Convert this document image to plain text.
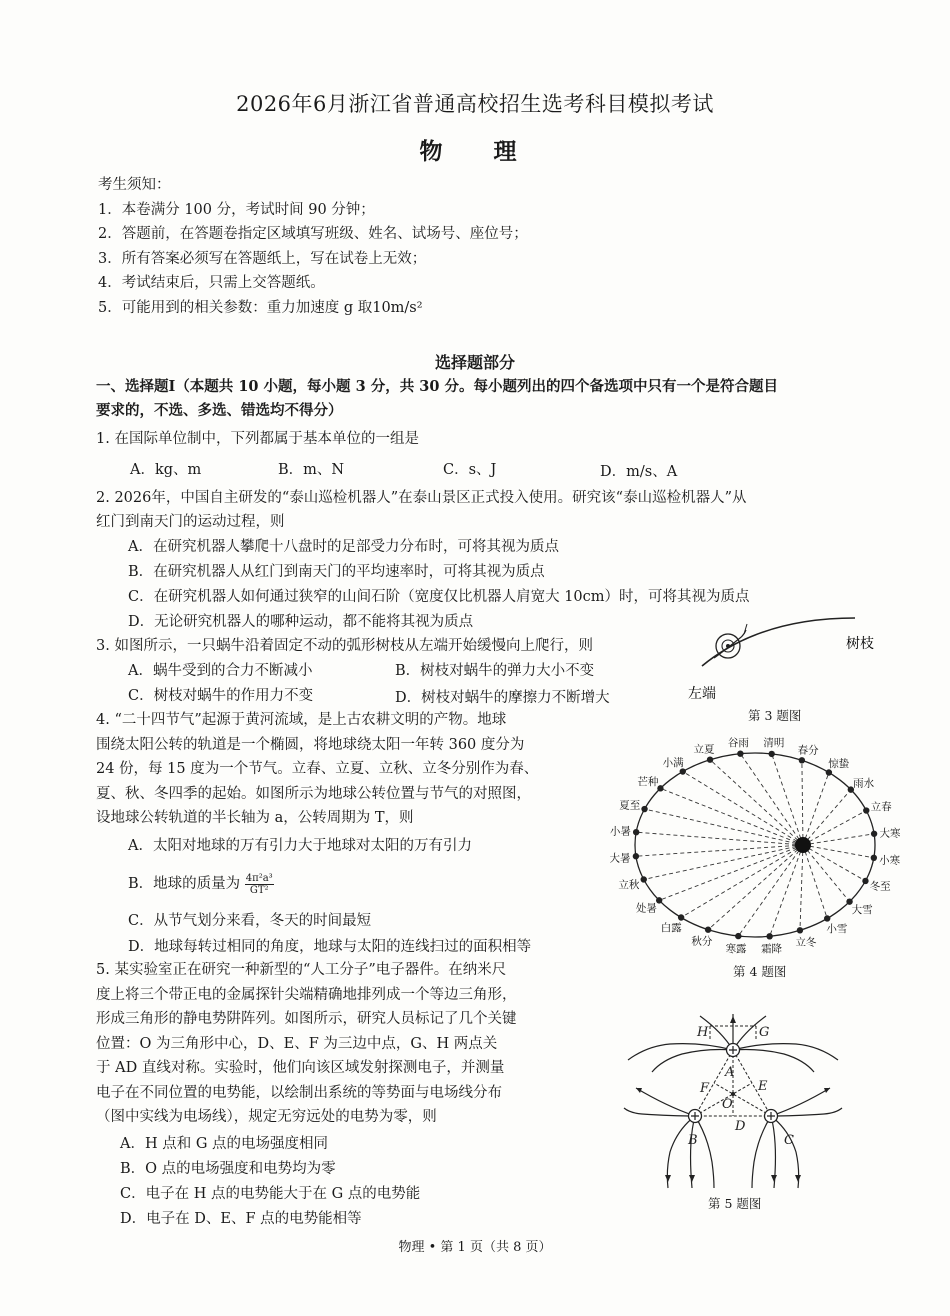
2026年6月浙江省普通高校招生选考科目模拟考试
物　理
考生须知：
1．本卷满分 100 分，考试时间 90 分钟；
2．答题前，在答题卷指定区域填写班级、姓名、试场号、座位号；
3．所有答案必须写在答题纸上，写在试卷上无效；
4．考试结束后，只需上交答题纸。
5．可能用到的相关参数：重力加速度 g 取10m/s²
选择题部分
一、选择题Ⅰ（本题共 10 小题，每小题 3 分，共 30 分。每小题列出的四个备选项中只有一个是符合题目
要求的，不选、多选、错选均不得分）
1. 在国际单位制中，下列都属于基本单位的一组是
A．kg、m	B．m、N	C．s、J	D．m/s、A
2. 2026年，中国自主研发的“泰山巡检机器人”在泰山景区正式投入使用。研究该“泰山巡检机器人”从
红门到南天门的运动过程，则
A．在研究机器人攀爬十八盘时的足部受力分布时，可将其视为质点
B．在研究机器人从红门到南天门的平均速率时，可将其视为质点
C．在研究机器人如何通过狭窄的山间石阶（宽度仅比机器人肩宽大 10cm）时，可将其视为质点
D．无论研究机器人的哪种运动，都不能将其视为质点
3. 如图所示，一只蜗牛沿着固定不动的弧形树枝从左端开始缓慢向上爬行，则
A．蜗牛受到的合力不断减小	B．树枝对蜗牛的弹力大小不变
C．树枝对蜗牛的作用力不变	D．树枝对蜗牛的摩擦力不断增大
树枝
左端
第 3 题图
4. “二十四节气”起源于黄河流域，是上古农耕文明的产物。地球
围绕太阳公转的轨道是一个椭圆，将地球绕太阳一年转 360 度分为
24 份，每 15 度为一个节气。立春、立夏、立秋、立冬分别作为春、
夏、秋、冬四季的起始。如图所示为地球公转位置与节气的对照图，
设地球公转轨道的半长轴为 a，公转周期为 T，则
A．太阳对地球的万有引力大于地球对太阳的万有引力
B．地球的质量为 $\frac{\text{4π²a³}}{\text{GT²}}$
C．从节气划分来看，冬天的时间最短
D．地球每转过相同的角度，地球与太阳的连线扫过的面积相等
立夏
谷雨 清明
春分
惊蛰
雨水
立春
大寒
小寒
冬至
大雪
小雪
立冬
霜降
寒露
秋分
白露
处暑
立秋
大暑
小暑
夏至
芒种
小满
第 4 题图
5. 某实验室正在研究一种新型的“人工分子”电子器件。在纳米尺
度上将三个带正电的金属探针尖端精确地排列成一个等边三角形，
形成三角形的静电势阱阵列。如图所示，研究人员标记了几个关键
位置：O 为三角形中心，D、E、F 为三边中点，G、H 两点关
于 AD 直线对称。实验时，他们向该区域发射探测电子，并测量
电子在不同位置的电势能，以绘制出系统的等势面与电场线分布
（图中实线为电场线），规定无穷远处的电势为零，则
A．H 点和 G 点的电场强度相同
B．O 点的电场强度和电势均为零
C．电子在 H 点的电势能大于在 G 点的电势能
D．电子在 D、E、F 点的电势能相等
H	G
A
F	E
O
B
D
C
第 5 题图
物理 • 第 1 页（共 8 页）
